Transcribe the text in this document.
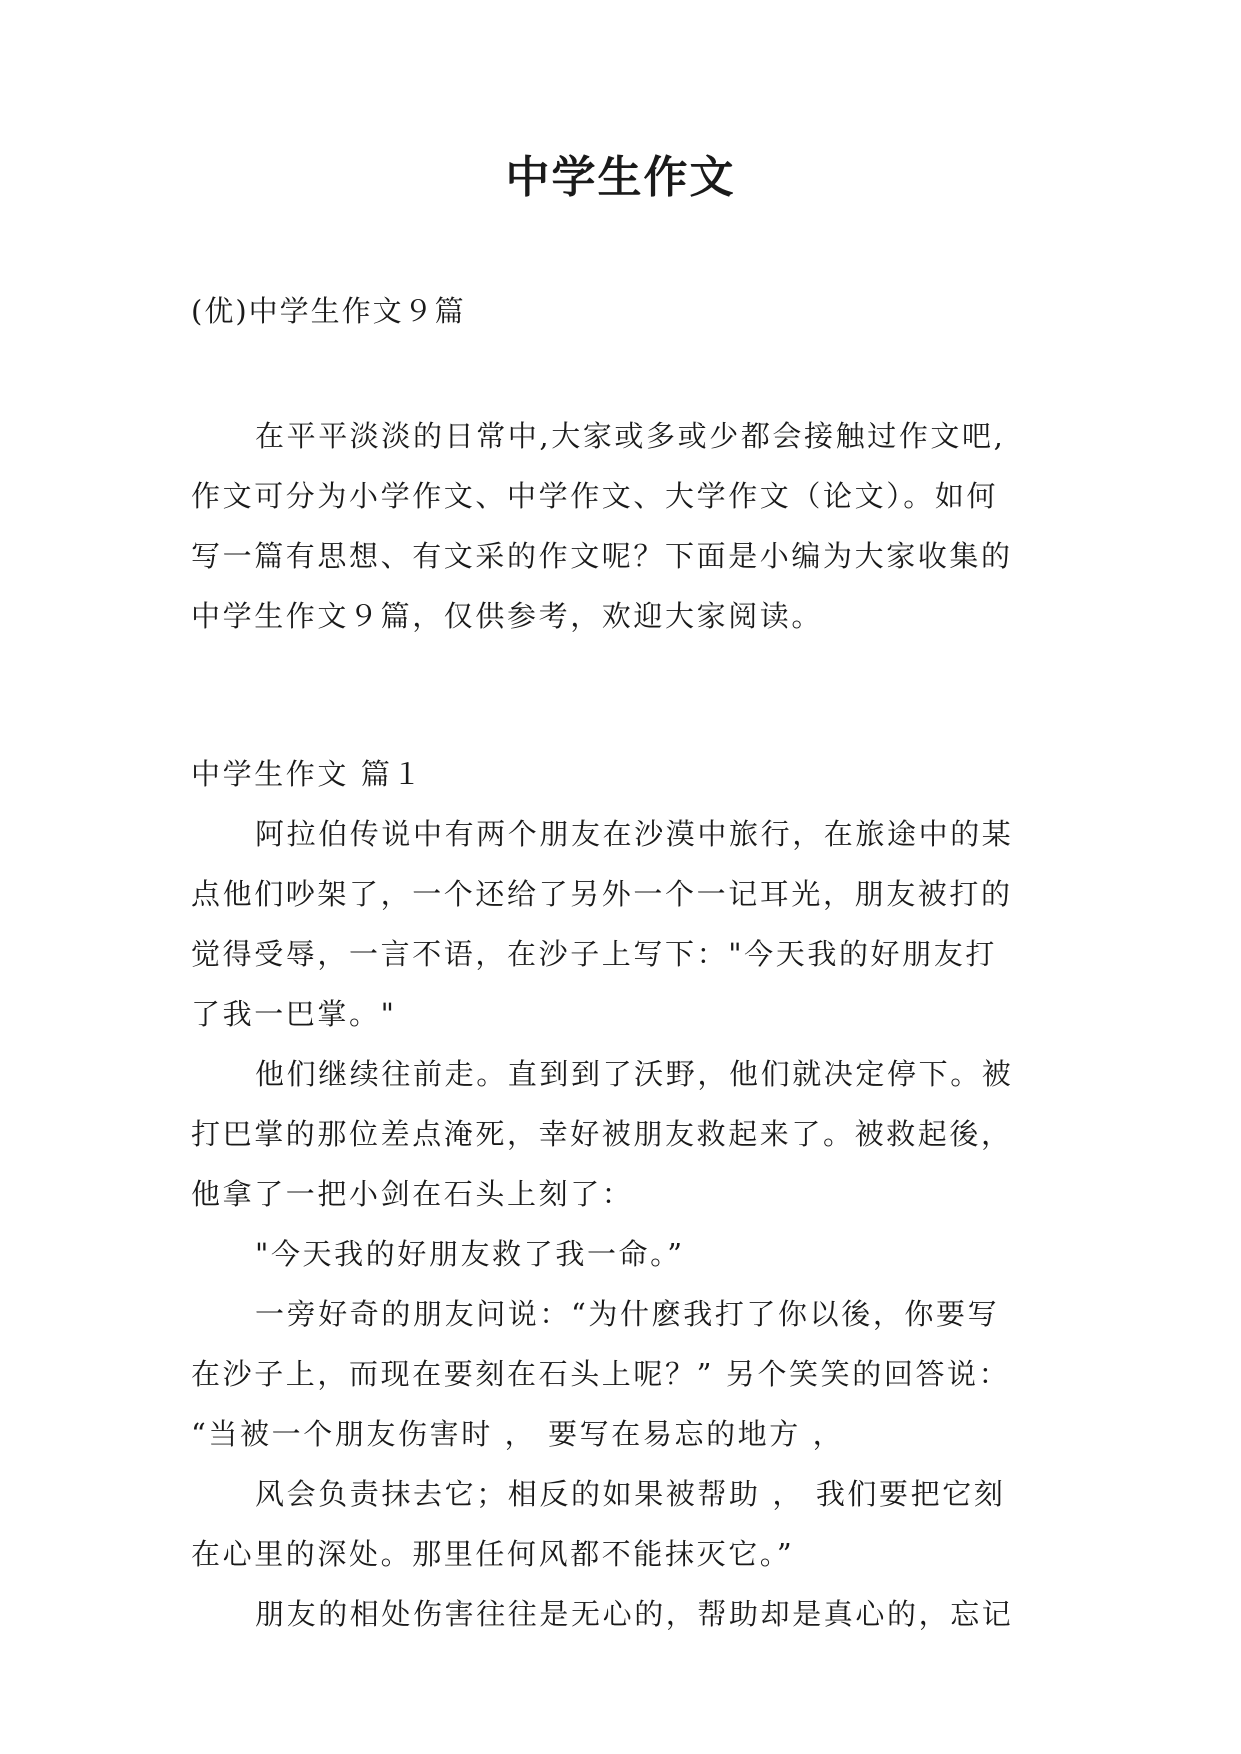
中学生作文
(优)中学生作文９篇
在平平淡淡的日常中,大家或多或少都会接触过作文吧,
作文可分为小学作文、中学作文、大学作文（论文）。如何
写一篇有思想、有文采的作文呢？下面是小编为大家收集的
中学生作文９篇，仅供参考，欢迎大家阅读。
中学生作文 篇１
阿拉伯传说中有两个朋友在沙漠中旅行，在旅途中的某
点他们吵架了，一个还给了另外一个一记耳光，朋友被打的
觉得受辱，一言不语，在沙子上写下："今天我的好朋友打
了我一巴掌。"
他们继续往前走。直到到了沃野，他们就决定停下。被
打巴掌的那位差点淹死，幸好被朋友救起来了。被救起後，
他拿了一把小剑在石头上刻了：
"今天我的好朋友救了我一命。”
一旁好奇的朋友问说：“为什麽我打了你以後，你要写
在沙子上，而现在要刻在石头上呢？” 另个笑笑的回答说：
“当被一个朋友伤害时 ， 要写在易忘的地方 ，
风会负责抹去它；相反的如果被帮助 ， 我们要把它刻
在心里的深处。那里任何风都不能抹灭它。”
朋友的相处伤害往往是无心的，帮助却是真心的，忘记
